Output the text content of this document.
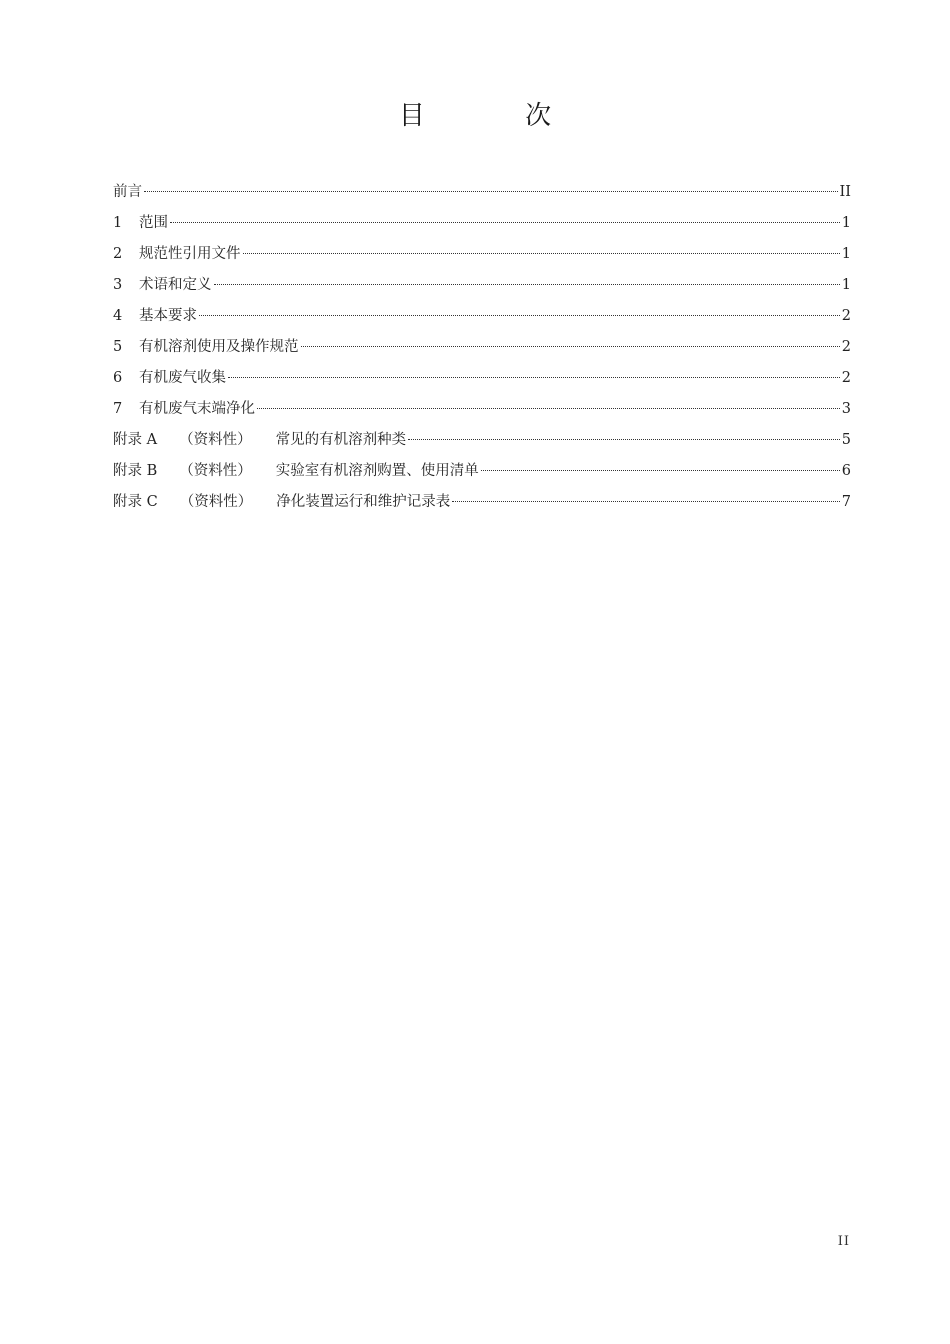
目 次
前言	II
1	范围	1
2	规范性引用文件	1
3	术语和定义	1
4	基本要求	2
5	有机溶剂使用及操作规范	2
6	有机废气收集	2
7	有机废气末端净化	3
附录 A （资料性） 常见的有机溶剂种类	5
附录 B （资料性） 实验室有机溶剂购置、使用清单	6
附录 C （资料性） 净化装置运行和维护记录表	7
II
